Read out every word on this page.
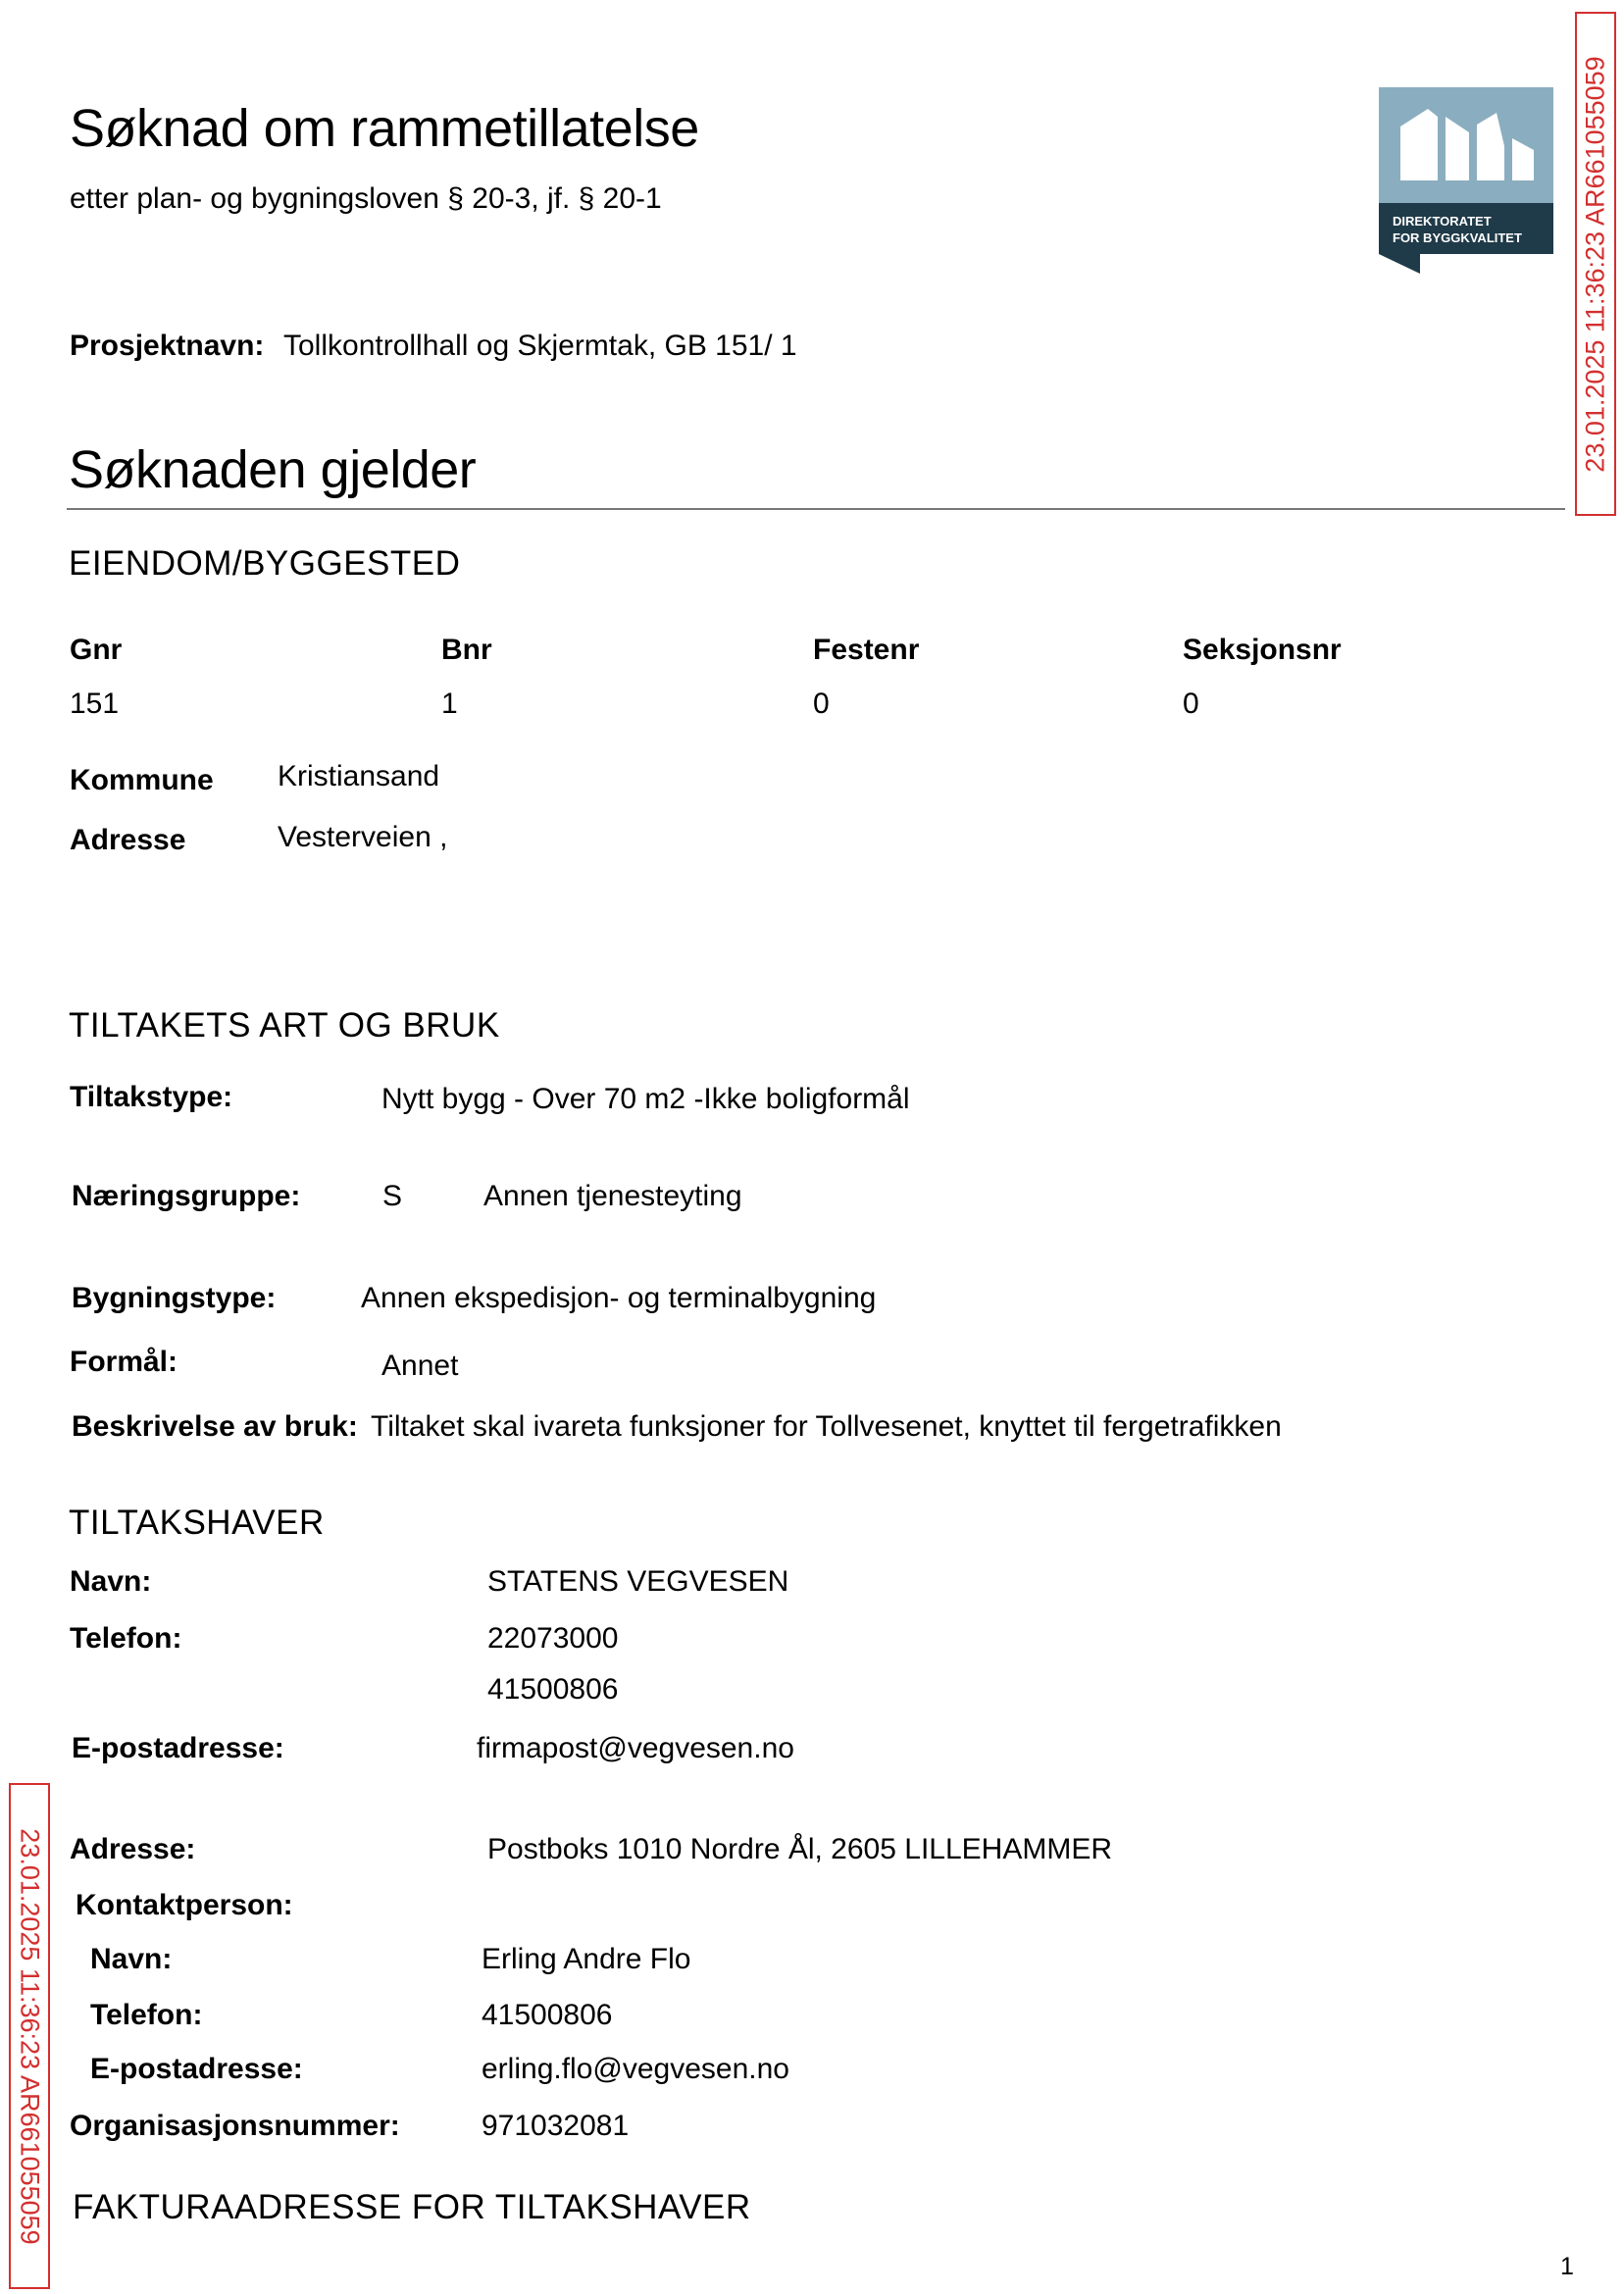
Søknad om rammetillatelse
etter plan- og bygningsloven § 20-3, jf. § 20-1
DIREKTORATET
FOR BYGGKVALITET 23.01.2025 11:36:23 AR661055059
23.01.2025 11:36:23 AR661055059
Prosjektnavn: Tollkontrollhall og Skjermtak, GB 151/ 1
Søknaden gjelder
EIENDOM/BYGGESTED
Gnr	Bnr	Festenr	Seksjonsnr
151	1	0	0
Kommune Kristiansand
Adresse	Vesterveien ,
TILTAKETS ART OG BRUK
Tiltakstype:	Nytt bygg - Over 70 m2 -Ikke boligformål
Næringsgruppe:	S	Annen tjenesteyting
Bygningstype:	Annen ekspedisjon- og terminalbygning
Formål:	Annet
Beskrivelse av bruk: Tiltaket skal ivareta funksjoner for Tollvesenet, knyttet til fergetrafikken
TILTAKSHAVER
Navn:	STATENS VEGVESEN
Telefon:	22073000
41500806
E-postadresse:	firmapost@vegvesen.no
Adresse:	Postboks 1010 Nordre Ål, 2605 LILLEHAMMER
Kontaktperson:
Navn:	Erling Andre Flo
Telefon:	41500806
E-postadresse:	erling.flo@vegvesen.no
Organisasjonsnummer:	971032081
FAKTURAADRESSE FOR TILTAKSHAVER
1
